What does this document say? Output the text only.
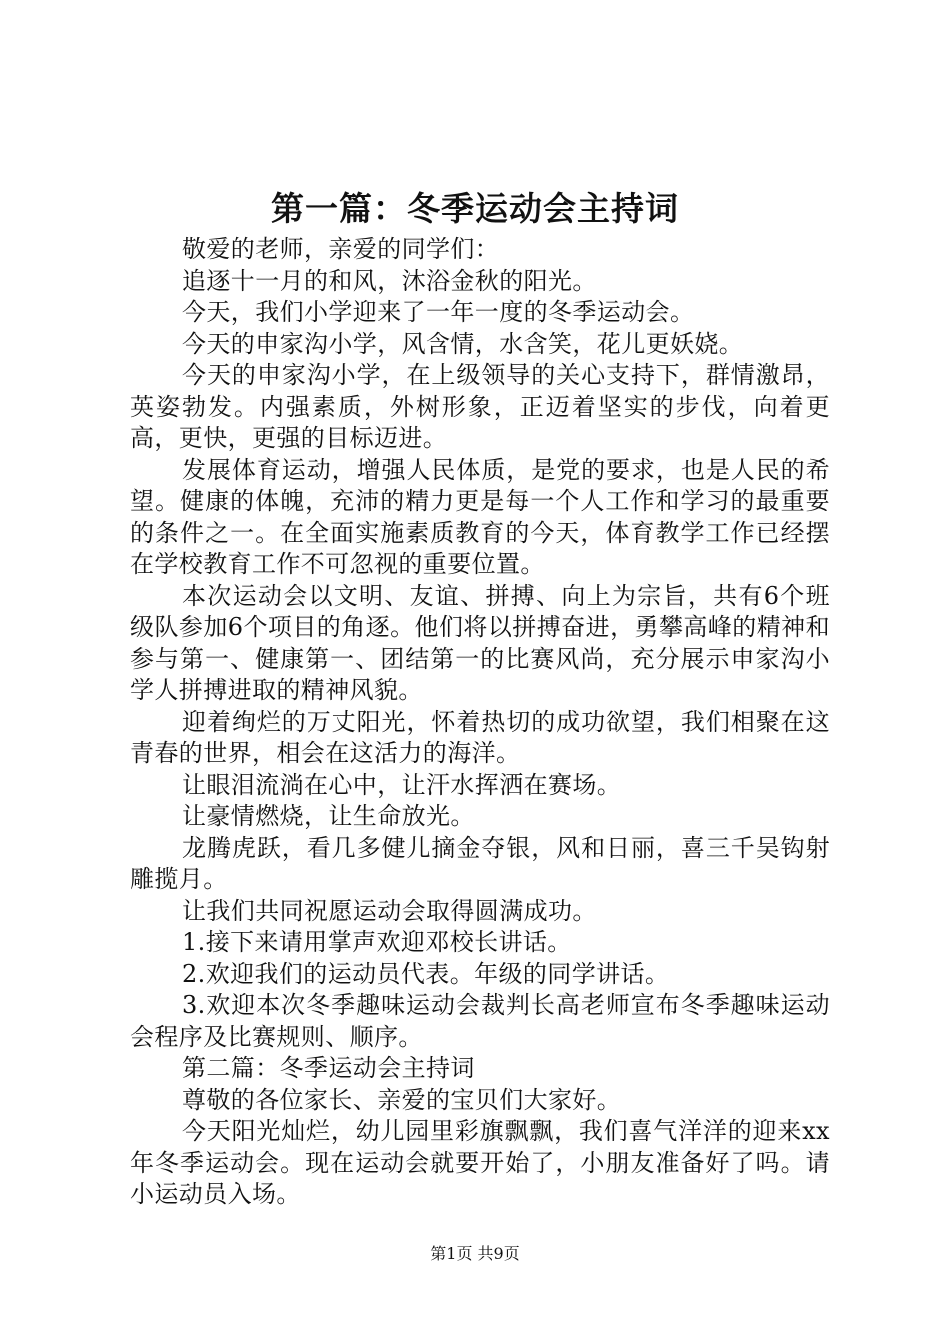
第一篇：冬季运动会主持词

敬爱的老师，亲爱的同学们：

追逐十一月的和风，沐浴金秋的阳光。

今天，我们小学迎来了一年一度的冬季运动会。

今天的申家沟小学，风含情，水含笑，花儿更妖娆。

今天的申家沟小学，在上级领导的关心支持下，群情激昂，英姿勃发。内强素质，外树形象，正迈着坚实的步伐，向着更高，更快，更强的目标迈进。

发展体育运动，增强人民体质，是党的要求，也是人民的希望。健康的体魄，充沛的精力更是每一个人工作和学习的最重要的条件之一。在全面实施素质教育的今天，体育教学工作已经摆在学校教育工作不可忽视的重要位置。

本次运动会以文明、友谊、拼搏、向上为宗旨，共有6个班级队参加6个项目的角逐。他们将以拼搏奋进，勇攀高峰的精神和参与第一、健康第一、团结第一的比赛风尚，充分展示申家沟小学人拼搏进取的精神风貌。

迎着绚烂的万丈阳光，怀着热切的成功欲望，我们相聚在这青春的世界，相会在这活力的海洋。

让眼泪流淌在心中，让汗水挥洒在赛场。

让豪情燃烧，让生命放光。

龙腾虎跃，看几多健儿摘金夺银，风和日丽，喜三千吴钩射雕揽月。

让我们共同祝愿运动会取得圆满成功。

1.接下来请用掌声欢迎邓校长讲话。

2.欢迎我们的运动员代表。年级的同学讲话。

3.欢迎本次冬季趣味运动会裁判长高老师宣布冬季趣味运动会程序及比赛规则、顺序。

第二篇：冬季运动会主持词

尊敬的各位家长、亲爱的宝贝们大家好。

今天阳光灿烂，幼儿园里彩旗飘飘，我们喜气洋洋的迎来xx年冬季运动会。现在运动会就要开始了，小朋友准备好了吗。请小运动员入场。

第1页 共9页
